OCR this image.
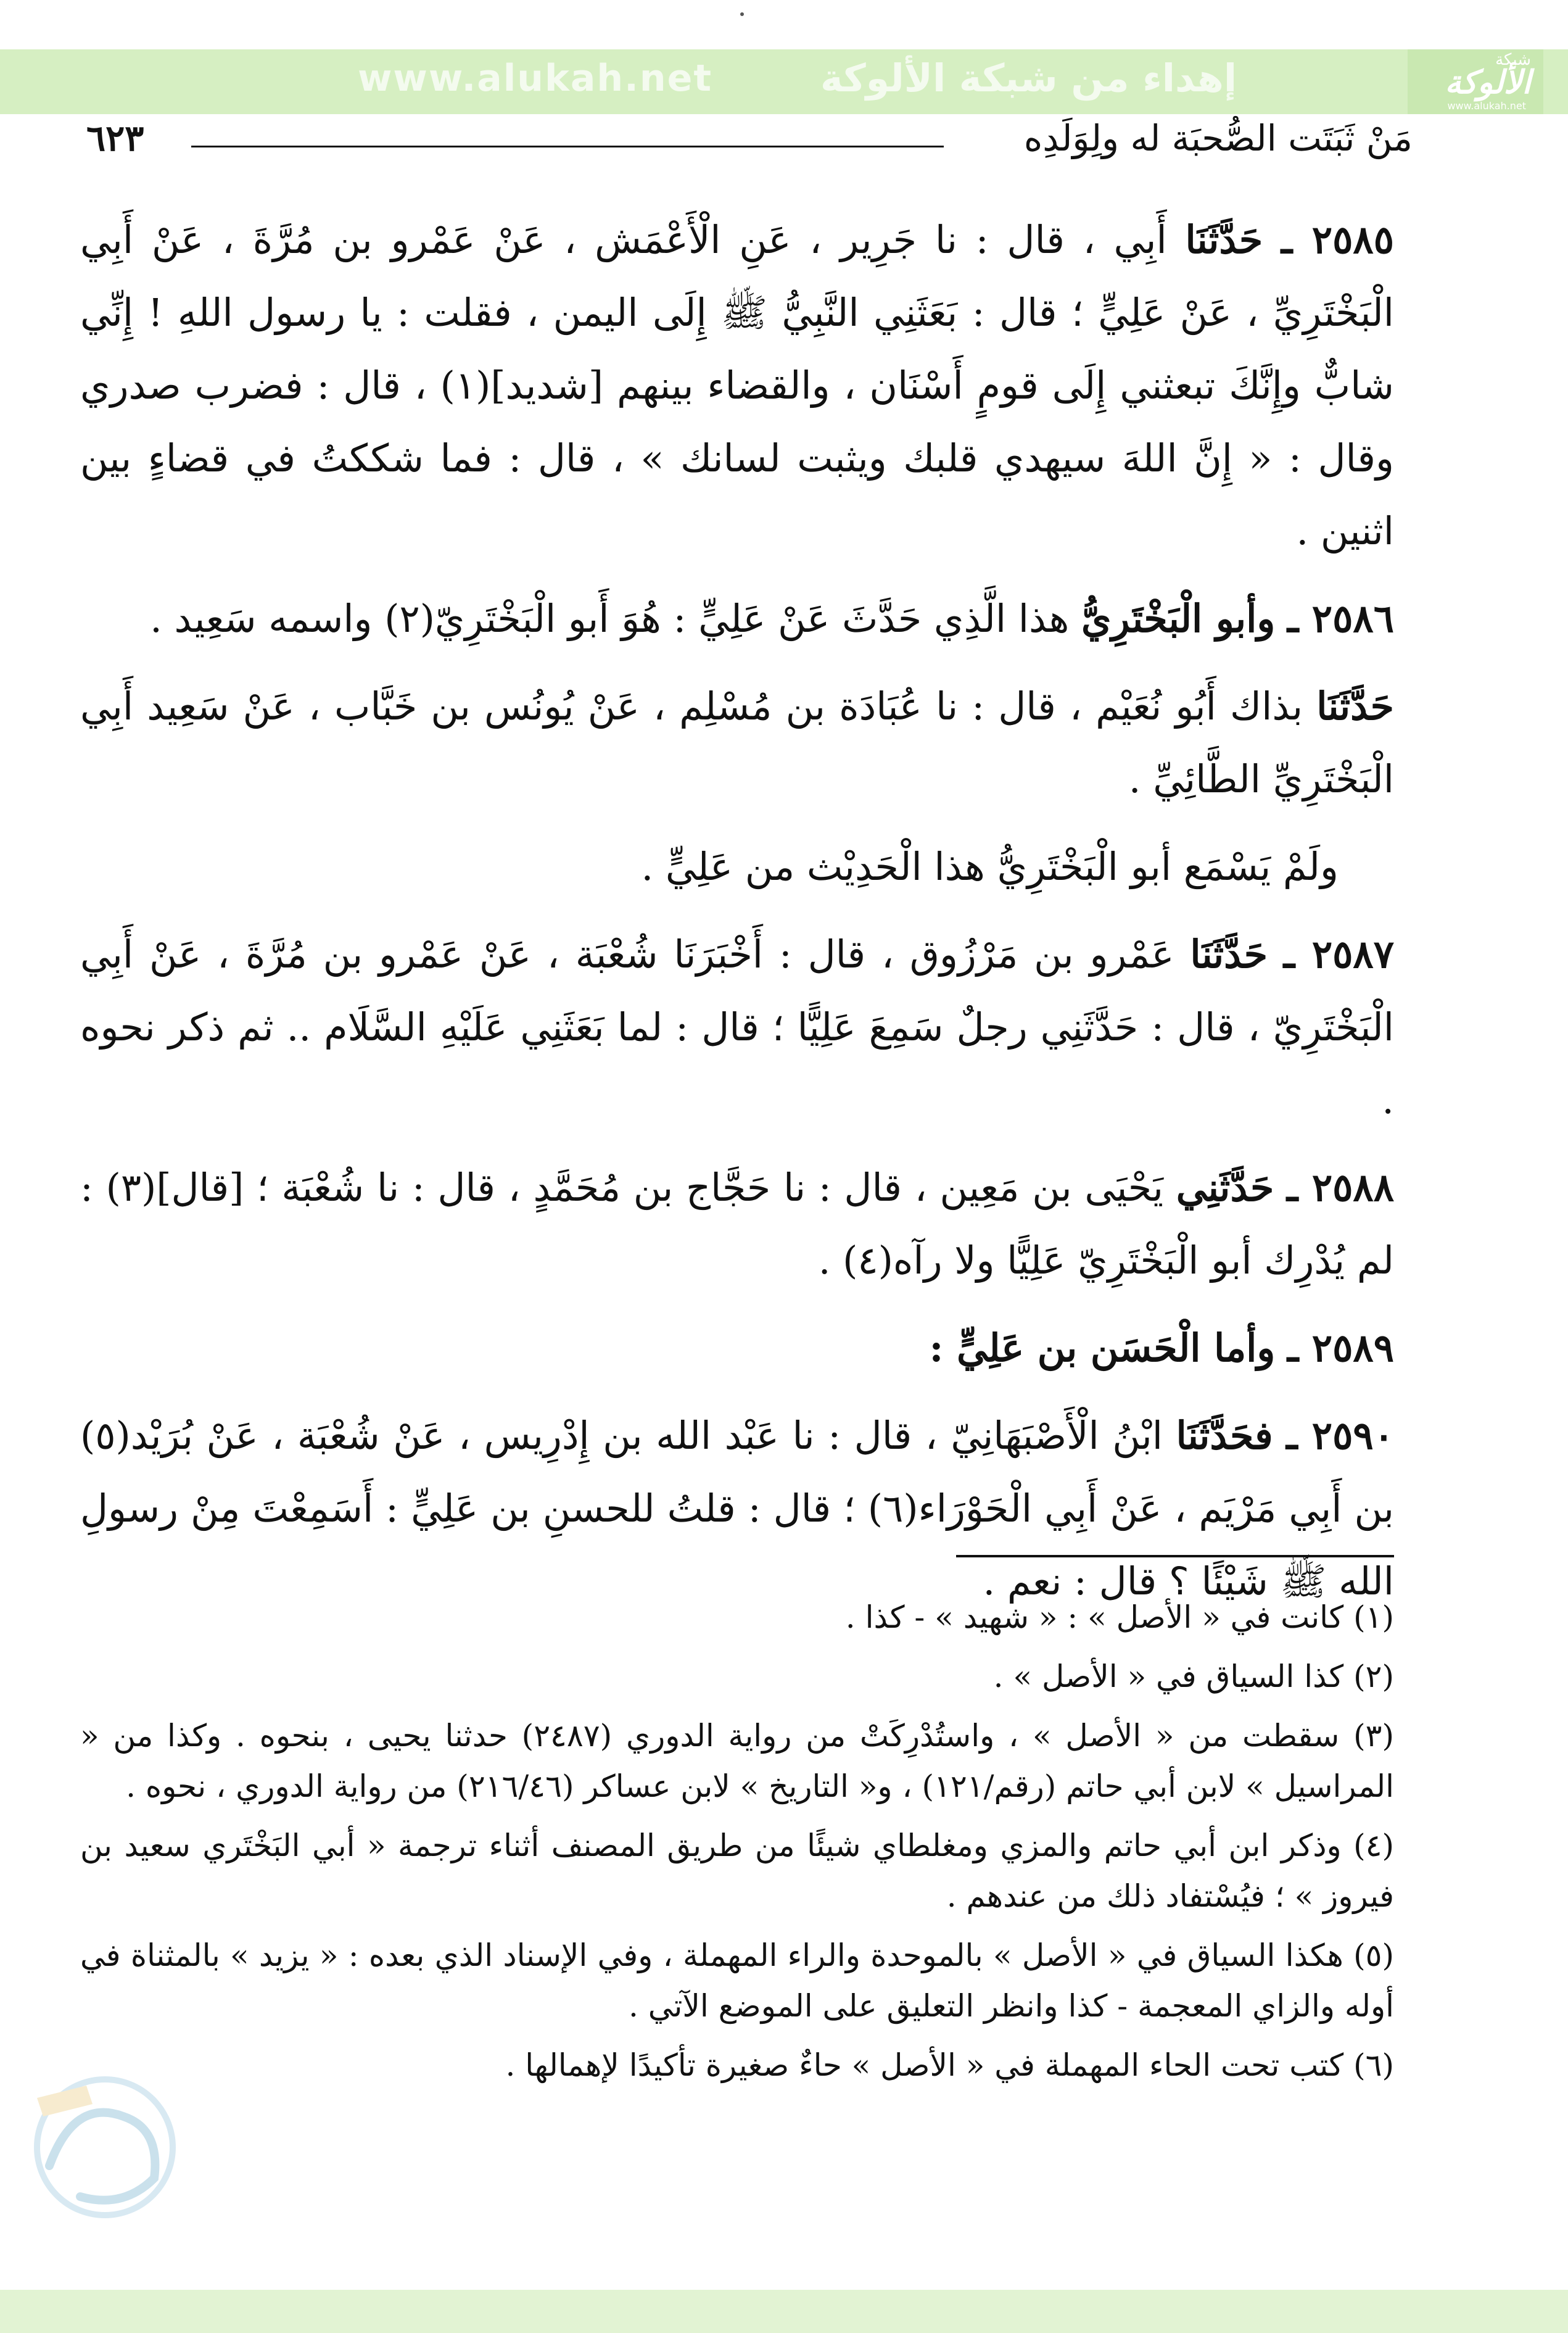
www.alukah.net	إهداء من شبكة الألوكة	شبكة
الألوكة
www.alukah.net
مَنْ ثَبَتَت الصُّحبَة له ولِوَلَدِه
٦٢٣

٢٥٨٥ ـ حَدَّثَنَا أَبِي ، قال : نا جَرِير ، عَنِ الْأَعْمَش ، عَنْ عَمْرو بن مُرَّةَ ، عَنْ أَبِي الْبَخْتَرِيِّ ، عَنْ عَلِيٍّ ؛ قال : بَعَثَنِي النَّبِيُّ ﷺ إِلَى اليمن ، فقلت : يا رسول اللهِ ! إِنِّي شابٌّ وإِنَّكَ تبعثني إِلَى قومٍ أَسْنَان ، والقضاء بينهم [شديد](١) ، قال : فضرب صدري وقال : « إِنَّ اللهَ سيهدي قلبك ويثبت لسانك » ، قال : فما شككتُ في قضاءٍ بين اثنين .

٢٥٨٦ ـ وأبو الْبَخْتَرِيُّ هذا الَّذِي حَدَّثَ عَنْ عَلِيٍّ : هُوَ أَبو الْبَخْتَرِيّ(٢) واسمه سَعِيد .

حَدَّثَنَا بذاك أَبُو نُعَيْم ، قال : نا عُبَادَة بن مُسْلِم ، عَنْ يُونُس بن خَبَّاب ، عَنْ سَعِيد أَبِي الْبَخْتَرِيِّ الطَّائِيِّ .

ولَمْ يَسْمَع أبو الْبَخْتَرِيُّ هذا الْحَدِيْث من عَلِيٍّ .

٢٥٨٧ ـ حَدَّثَنَا عَمْرو بن مَرْزُوق ، قال : أَخْبَرَنَا شُعْبَة ، عَنْ عَمْرو بن مُرَّةَ ، عَنْ أَبِي الْبَخْتَرِيّ ، قال : حَدَّثَنِي رجلٌ سَمِعَ عَلِيًّا ؛ قال : لما بَعَثَنِي عَلَيْهِ السَّلَام .. ثم ذكر نحوه .

٢٥٨٨ ـ حَدَّثَنِي يَحْيَى بن مَعِين ، قال : نا حَجَّاج بن مُحَمَّدٍ ، قال : نا شُعْبَة ؛ [قال](٣) : لم يُدْرِك أبو الْبَخْتَرِيّ عَلِيًّا ولا رآه(٤) .

٢٥٨٩ ـ وأما الْحَسَن بن عَلِيٍّ :

٢٥٩٠ ـ فحَدَّثَنَا ابْنُ الْأَصْبَهَانِيّ ، قال : نا عَبْد الله بن إِدْرِيس ، عَنْ شُعْبَة ، عَنْ بُرَيْد(٥) بن أَبِي مَرْيَم ، عَنْ أَبِي الْحَوْرَاء(٦) ؛ قال : قلتُ للحسنِ بن عَلِيٍّ : أَسَمِعْتَ مِنْ رسولِ الله ﷺ شَيْئًا ؟ قال : نعم .

(١) كانت في « الأصل » : « شهيد » - كذا .

(٢) كذا السياق في « الأصل » .

(٣) سقطت من « الأصل » ، واستُدْرِكَتْ من رواية الدوري (٢٤٨٧) حدثنا يحيى ، بنحوه . وكذا من « المراسيل » لابن أبي حاتم (رقم/١٢١) ، و« التاريخ » لابن عساكر (٢١٦/٤٦) من رواية الدوري ، نحوه .

(٤) وذكر ابن أبي حاتم والمزي ومغلطاي شيئًا من طريق المصنف أثناء ترجمة « أبي البَخْتَري سعيد بن فيروز » ؛ فيُسْتفاد ذلك من عندهم .

(٥) هكذا السياق في « الأصل » بالموحدة والراء المهملة ، وفي الإسناد الذي بعده : « يزيد » بالمثناة في أوله والزاي المعجمة - كذا وانظر التعليق على الموضع الآتي .

(٦) كتب تحت الحاء المهملة في « الأصل » حاءٌ صغيرة تأكيدًا لإهمالها .
